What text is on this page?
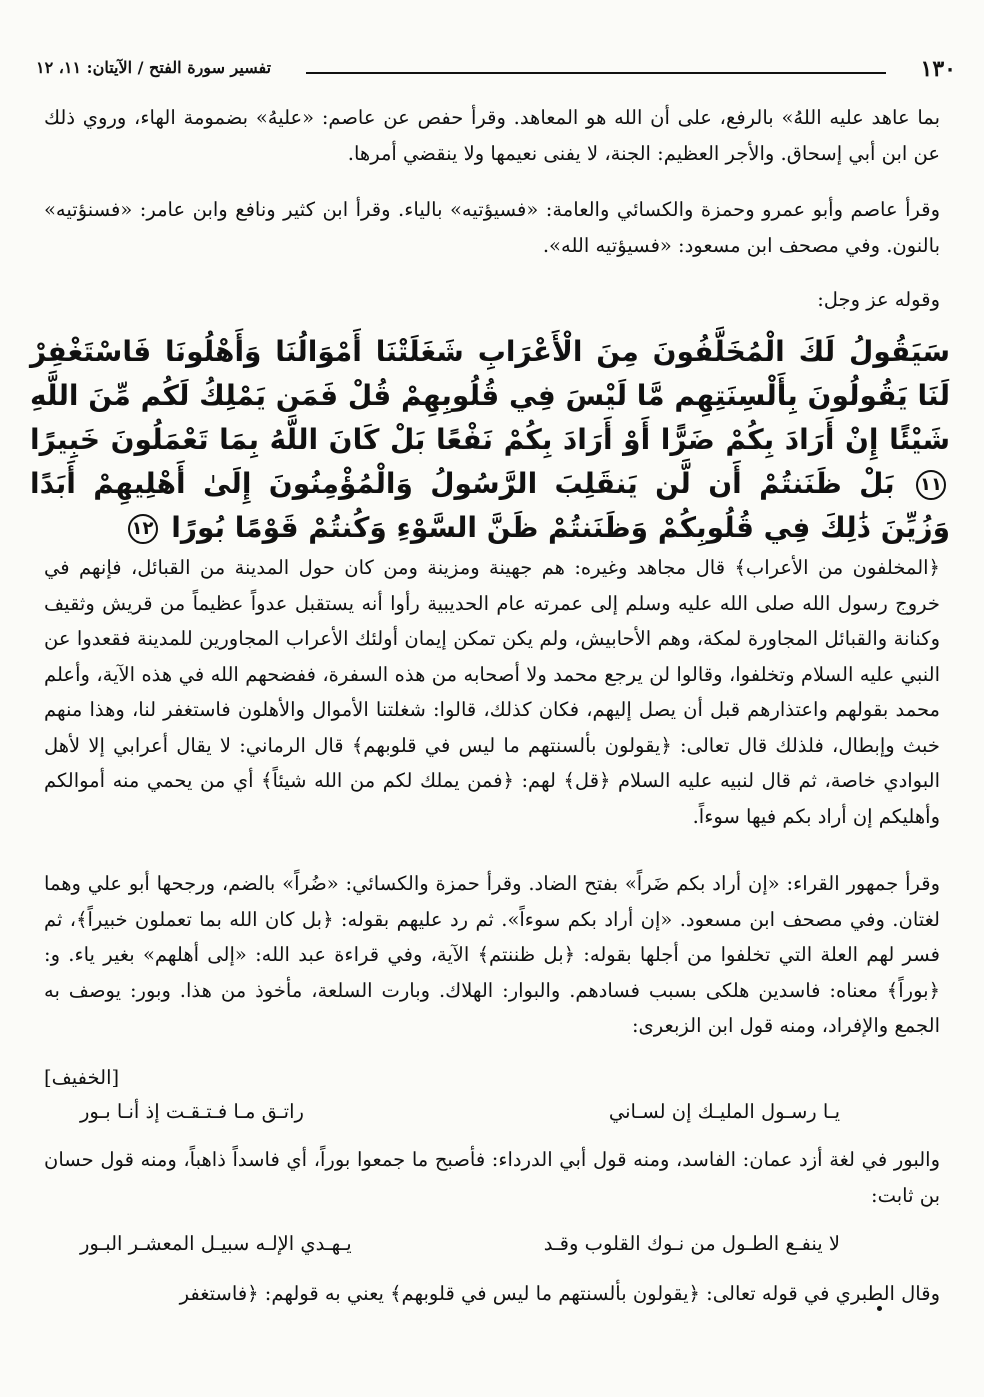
١٣٠
تفسير سورة الفتح / الآيتان: ١١، ١٢
بما عاهد عليه اللهُ» بالرفع، على أن الله هو المعاهد. وقرأ حفص عن عاصم: «عليهُ» بضمومة الهاء، وروي ذلك عن ابن أبي إسحاق. والأجر العظيم: الجنة، لا يفنى نعيمها ولا ينقضي أمرها.
وقرأ عاصم وأبو عمرو وحمزة والكسائي والعامة: «فسيؤتيه» بالياء. وقرأ ابن كثير ونافع وابن عامر: «فسنؤتيه» بالنون. وفي مصحف ابن مسعود: «فسيؤتيه الله».
وقوله عز وجل:
سَيَقُولُ لَكَ الْمُخَلَّفُونَ مِنَ الْأَعْرَابِ شَغَلَتْنَا أَمْوَالُنَا وَأَهْلُونَا فَاسْتَغْفِرْ لَنَا يَقُولُونَ بِأَلْسِنَتِهِم مَّا لَيْسَ فِي قُلُوبِهِمْ قُلْ فَمَن يَمْلِكُ لَكُم مِّنَ اللَّهِ شَيْئًا إِنْ أَرَادَ بِكُمْ ضَرًّا أَوْ أَرَادَ بِكُمْ نَفْعًا بَلْ كَانَ اللَّهُ بِمَا تَعْمَلُونَ خَبِيرًا ١١ بَلْ ظَنَنتُمْ أَن لَّن يَنقَلِبَ الرَّسُولُ وَالْمُؤْمِنُونَ إِلَىٰ أَهْلِيهِمْ أَبَدًا وَزُيِّنَ ذَٰلِكَ فِي قُلُوبِكُمْ وَظَنَنتُمْ ظَنَّ السَّوْءِ وَكُنتُمْ قَوْمًا بُورًا ١٢
﴿المخلفون من الأعراب﴾ قال مجاهد وغيره: هم جهينة ومزينة ومن كان حول المدينة من القبائل، فإنهم في خروج رسول الله صلى الله عليه وسلم إلى عمرته عام الحديبية رأوا أنه يستقبل عدواً عظيماً من قريش وثقيف وكنانة والقبائل المجاورة لمكة، وهم الأحابيش، ولم يكن تمكن إيمان أولئك الأعراب المجاورين للمدينة فقعدوا عن النبي عليه السلام وتخلفوا، وقالوا لن يرجع محمد ولا أصحابه من هذه السفرة، ففضحهم الله في هذه الآية، وأعلم محمد بقولهم واعتذارهم قبل أن يصل إليهم، فكان كذلك، قالوا: شغلتنا الأموال والأهلون فاستغفر لنا، وهذا منهم خبث وإبطال، فلذلك قال تعالى: ﴿يقولون بألسنتهم ما ليس في قلوبهم﴾ قال الرماني: لا يقال أعرابي إلا لأهل البوادي خاصة، ثم قال لنبيه عليه السلام ﴿قل﴾ لهم: ﴿فمن يملك لكم من الله شيئاً﴾ أي من يحمي منه أموالكم وأهليكم إن أراد بكم فيها سوءاً.
وقرأ جمهور القراء: «إن أراد بكم ضَراً» بفتح الضاد. وقرأ حمزة والكسائي: «ضُراً» بالضم، ورجحها أبو علي وهما لغتان. وفي مصحف ابن مسعود. «إن أراد بكم سوءاً». ثم رد عليهم بقوله: ﴿بل كان الله بما تعملون خبيراً﴾، ثم فسر لهم العلة التي تخلفوا من أجلها بقوله: ﴿بل ظننتم﴾ الآية، وفي قراءة عبد الله: «إلى أهلهم» بغير ياء. و: ﴿بوراً﴾ معناه: فاسدين هلكى بسبب فسادهم. والبوار: الهلاك. وبارت السلعة، مأخوذ من هذا. وبور: يوصف به الجمع والإفراد، ومنه قول ابن الزبعرى:
[الخفيف]
يـا رسـول المليـك إن لسـاني
راتـق مـا فـتـقـت إذ أنـا بـور
والبور في لغة أزد عمان: الفاسد، ومنه قول أبي الدرداء: فأصبح ما جمعوا بوراً، أي فاسداً ذاهباً، ومنه قول حسان بن ثابت:
لا ينفـع الطـول من نـوك القلوب وقـد
يـهـدي الإلـه سبيـل المعشـر البـور
وقال الطبري في قوله تعالى: ﴿يقولون بألسنتهم ما ليس في قلوبهم﴾ يعني به قولهم: ﴿فاستغفر
